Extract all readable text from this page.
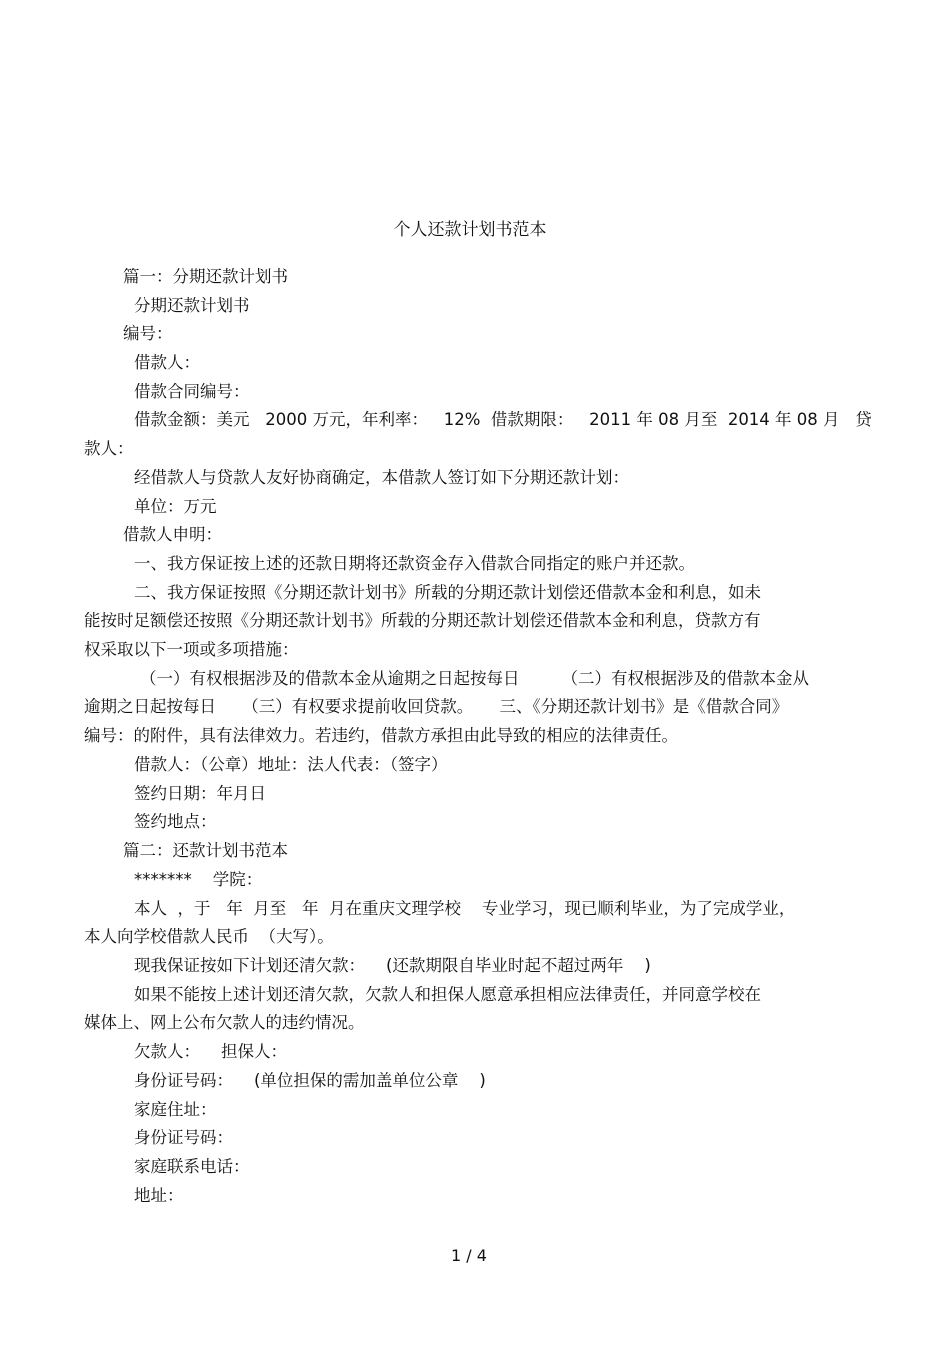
个人还款计划书范本
篇一：分期还款计划书
分期还款计划书
编号：
借款人：
借款合同编号：
借款金额：美元   2000 万元，年利率：   12%  借款期限：   2011 年 08 月至  2014 年 08 月   贷
款人：
经借款人与贷款人友好协商确定，本借款人签订如下分期还款计划：
单位：万元
借款人申明：
一、我方保证按上述的还款日期将还款资金存入借款合同指定的账户并还款。
二、我方保证按照《分期还款计划书》所载的分期还款计划偿还借款本金和利息，如未
能按时足额偿还按照《分期还款计划书》所载的分期还款计划偿还借款本金和利息，贷款方有
权采取以下一项或多项措施：
（一）有权根据涉及的借款本金从逾期之日起按每日        （二）有权根据涉及的借款本金从
逾期之日起按每日     （三）有权要求提前收回贷款。     三、《分期还款计划书》是《借款合同》
编号：的附件，具有法律效力。若违约，借款方承担由此导致的相应的法律责任。
借款人：（公章）地址：法人代表：（签字）
签约日期：年月日
签约地点：
篇二：还款计划书范本
*******    学院：
本人  ，于   年  月至   年  月在重庆文理学校    专业学习，现已顺利毕业，为了完成学业，
本人向学校借款人民币  （大写）。
现我保证按如下计划还清欠款：    (还款期限自毕业时起不超过两年    )
如果不能按上述计划还清欠款，欠款人和担保人愿意承担相应法律责任，并同意学校在
媒体上、网上公布欠款人的违约情况。
欠款人：    担保人：
身份证号码：    (单位担保的需加盖单位公章    )
家庭住址：
身份证号码：
家庭联系电话：
地址：
1 / 4
